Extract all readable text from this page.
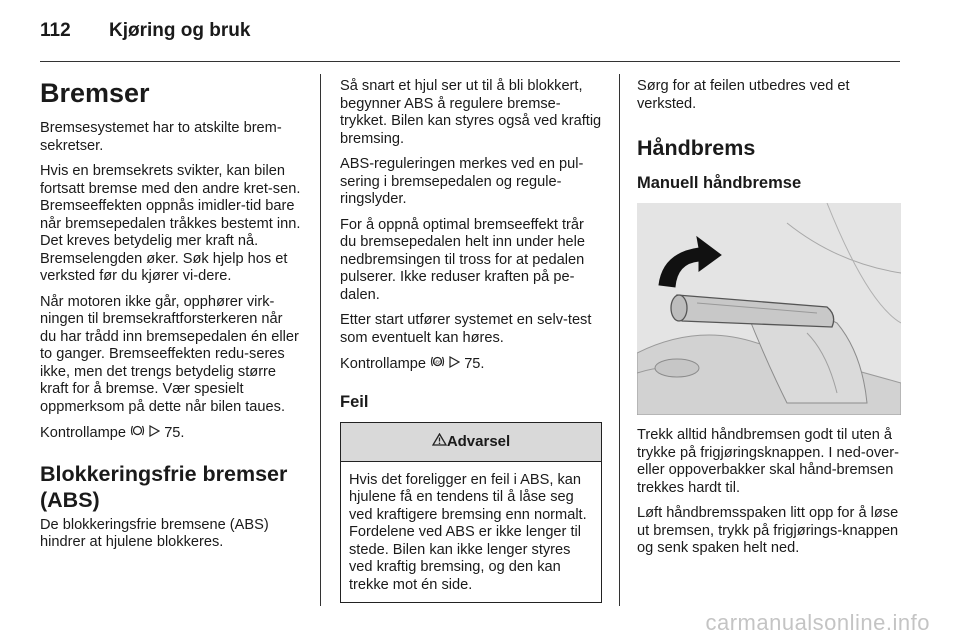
112 Kjøring og bruk
Bremser

Bremsesystemet har to atskilte brem-sekretser.

Hvis en bremsekrets svikter, kan bilen fortsatt bremse med den andre kret-sen. Bremseeffekten oppnås imidler-tid bare når bremsepedalen tråkkes bestemt inn. Det kreves betydelig mer kraft nå. Bremselengden øker. Søk hjelp hos et verksted før du kjører vi-dere.

Når motoren ikke går, opphører virk-ningen til bremsekraftforsterkeren når du har trådd inn bremsepedalen én eller to ganger. Bremseeffekten redu-seres ikke, men det trengs betydelig større kraft for å bremse. Vær spesielt oppmerksom på dette når bilen taues.

Kontrollampe	75.

Blokkeringsfrie bremser (ABS)

De blokkeringsfrie bremsene (ABS) hindrer at hjulene blokkeres.

Så snart et hjul ser ut til å bli blokkert, begynner ABS å regulere bremse-trykket. Bilen kan styres også ved kraftig bremsing.

ABS-reguleringen merkes ved en pul-sering i bremsepedalen og regule-ringslyder.

For å oppnå optimal bremseeffekt trår du bremsepedalen helt inn under hele nedbremsingen til tross for at pedalen pulserer. Ikke reduser kraften på pe-dalen.

Etter start utfører systemet en selv-test som eventuelt kan høres.

Kontrollampe ABS 75.

Feil
Advarsel
Hvis det foreligger en feil i ABS, kan hjulene få en tendens til å låse seg ved kraftigere bremsing enn normalt. Fordelene ved ABS er ikke lenger til stede. Bilen kan ikke lenger styres ved kraftig bremsing, og den kan trekke mot én side.

Sørg for at feilen utbedres ved et verksted.

Håndbrems
Manuell håndbremse

Trekk alltid håndbremsen godt til uten å trykke på frigjøringsknappen. I ned-over- eller oppoverbakker skal hånd-bremsen trekkes hardt til.

Løft håndbremsspaken litt opp for å løse ut bremsen, trykk på frigjørings-knappen og senk spaken helt ned.

carmanualsonline.info
